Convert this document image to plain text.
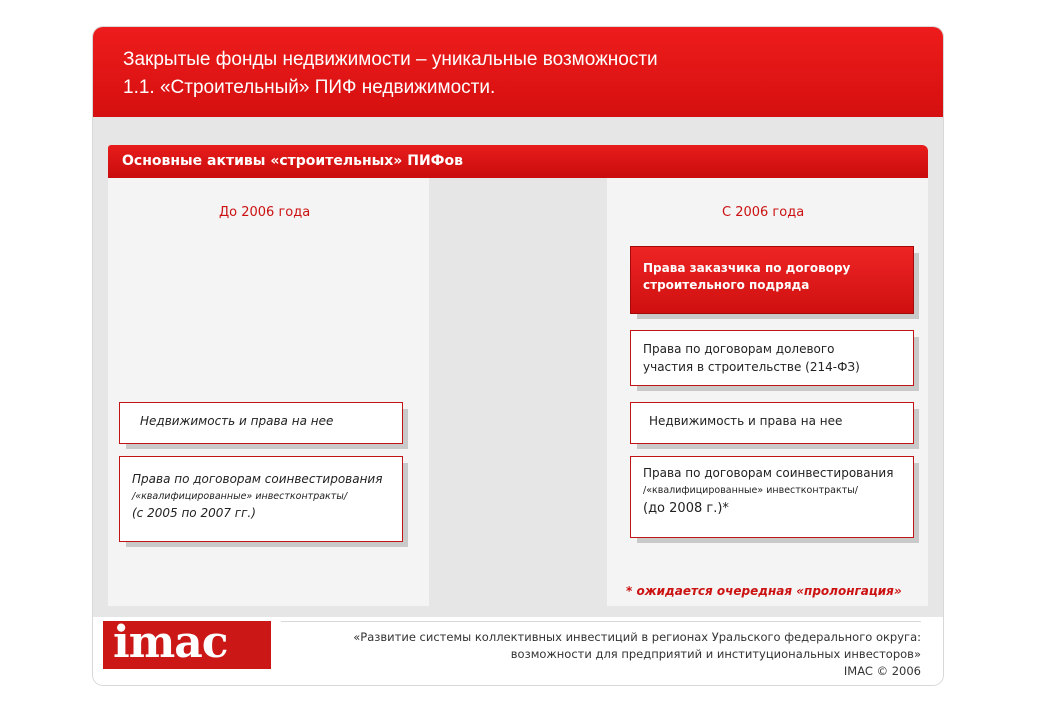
Закрытые фонды недвижимости – уникальные возможности
1.1. «Строительный» ПИФ недвижимости.
Основные активы «строительных» ПИФов
До 2006 года	С 2006 года
Недвижимость и права на нее
Права по договорам соинвестирования
/«квалифицированные» инвестконтракты/
(с 2005 по 2007 гг.)
Права заказчика по договору
строительного подряда
Права по договорам долевого
участия в строительстве (214-ФЗ)
Недвижимость и права на нее
Права по договорам соинвестирования
/«квалифицированные» инвестконтракты/
(до 2008 г.)*
* ожидается очередная «пролонгация»
imac	«Развитие системы коллективных инвестиций в регионах Уральского федерального округа:
возможности для предприятий и институциональных инвесторов»
IMAC © 2006
